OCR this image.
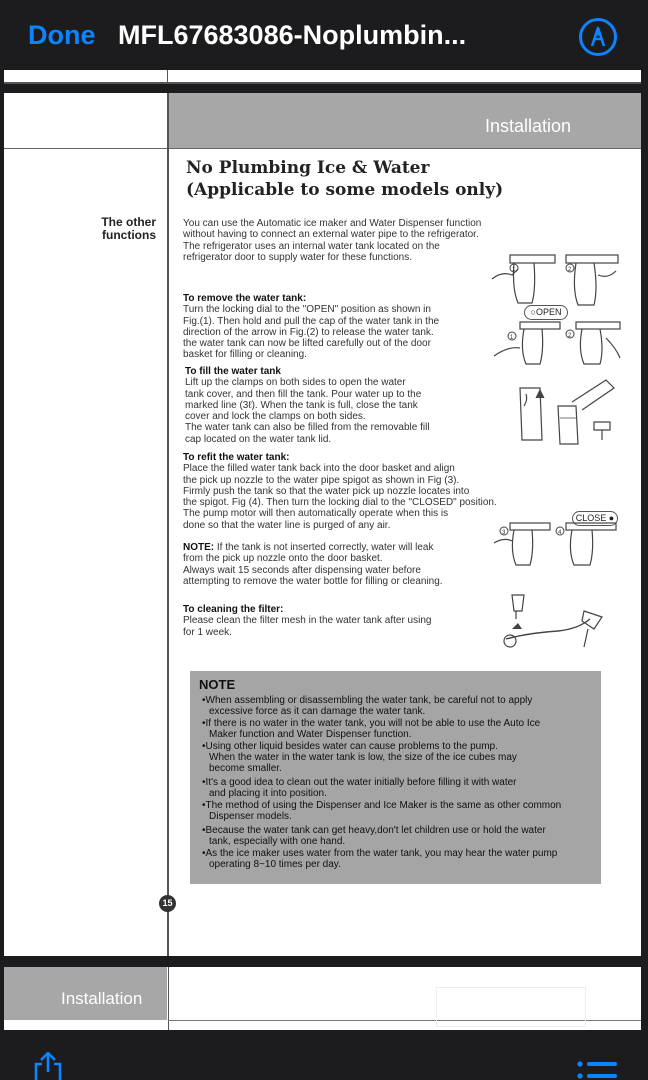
Done MFL67683086-Noplumbin...
Installation
The other functions
No Plumbing Ice & Water
(Applicable to some models only)
You can use the Automatic ice maker and Water Dispenser function
without having to connect an external water pipe to the refrigerator.
The refrigerator uses an internal water tank located on the
refrigerator door to supply water for these functions.
To remove the water tank:
Turn the locking dial to the "OPEN" position as shown in
Fig.(1). Then hold and pull the cap of the water tank in the
direction of the arrow in Fig.(2) to release the water tank.
the water tank can now be lifted carefully out of the door
basket for filling or cleaning.
To fill the water tank
Lift up the clamps on both sides to open the water
tank cover, and then fill the tank. Pour water up to the
marked line (3ℓ). When the tank is full, close the tank
cover and lock the clamps on both sides.
The water tank can also be filled from the removable fill
cap located on the water tank lid.
To refit the water tank:
Place the filled water tank back into the door basket and align
the pick up nozzle to the water pipe spigot as shown in Fig (3).
Firmly push the tank so that the water pick up nozzle locates into
the spigot. Fig (4). Then turn the locking dial to the "CLOSED" position.
The pump motor will then automatically operate when this is
done so that the water line is purged of any air.
NOTE: If the tank is not inserted correctly, water will leak
from the pick up nozzle onto the door basket.
Always wait 15 seconds after dispensing water before
attempting to remove the water bottle for filling or cleaning.
To cleaning the filter:
Please clean the filter mesh in the water tank after using
for 1 week.
1	2
○OPEN
1	2
CLOSE ●
3	4
NOTE
•When assembling or disassembling the water tank, be careful not to apply
excessive force as it can damage the water tank.
•If there is no water in the water tank, you will not be able to use the Auto Ice
Maker function and Water Dispenser function.
•Using other liquid besides water can cause problems to the pump.
When the water in the water tank is low, the size of the ice cubes may
become smaller.
•It's a good idea to clean out the water initially before filling it with water
and placing it into position.
•The method of using the Dispenser and Ice Maker is the same as other common
Dispenser models.
•Because the water tank can get heavy,don't let children use or hold the water
tank, especially with one hand.
•As the ice maker uses water from the water tank, you may hear the water pump
operating 8~10 times per day.
15
Installation
